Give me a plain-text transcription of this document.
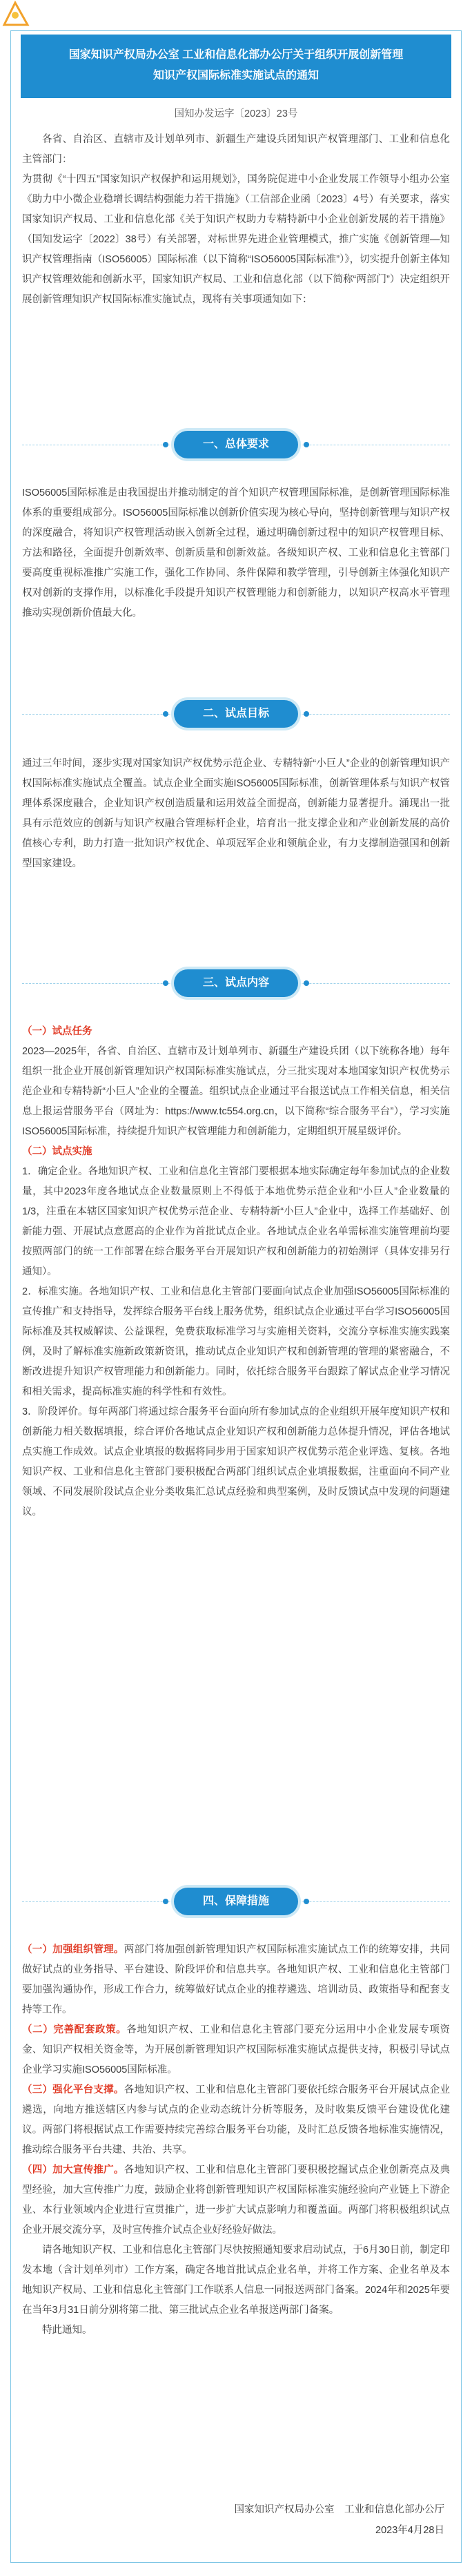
国家知识产权局办公室 工业和信息化部办公厅关于组织开展创新管理
知识产权国际标准实施试点的通知
国知办发运字〔2023〕23号

各省、自治区、直辖市及计划单列市、新疆生产建设兵团知识产权管理部门、工业和信息化主管部门：

为贯彻《“十四五”国家知识产权保护和运用规划》，国务院促进中小企业发展工作领导小组办公室《助力中小微企业稳增长调结构强能力若干措施》（工信部企业函〔2023〕4号）有关要求，落实国家知识产权局、工业和信息化部《关于知识产权助力专精特新中小企业创新发展的若干措施》（国知发运字〔2022〕38号）有关部署，对标世界先进企业管理模式，推广实施《创新管理—知识产权管理指南（ISO56005）国际标准（以下简称“ISO56005国际标准”）》，切实提升创新主体知识产权管理效能和创新水平，国家知识产权局、工业和信息化部（以下简称“两部门”）决定组织开展创新管理知识产权国际标准实施试点，现将有关事项通知如下：

一、总体要求

ISO56005国际标准是由我国提出并推动制定的首个知识产权管理国际标准，是创新管理国际标准体系的重要组成部分。ISO56005国际标准以创新价值实现为核心导向，坚持创新管理与知识产权的深度融合，将知识产权管理活动嵌入创新全过程，通过明确创新过程中的知识产权管理目标、方法和路径，全面提升创新效率、创新质量和创新效益。各级知识产权、工业和信息化主管部门要高度重视标准推广实施工作，强化工作协同、条件保障和教学管理，引导创新主体强化知识产权对创新的支撑作用，以标准化手段提升知识产权管理能力和创新能力，以知识产权高水平管理推动实现创新价值最大化。

二、试点目标

通过三年时间，逐步实现对国家知识产权优势示范企业、专精特新“小巨人”企业的创新管理知识产权国际标准实施试点全覆盖。试点企业全面实施ISO56005国际标准，创新管理体系与知识产权管理体系深度融合，企业知识产权创造质量和运用效益全面提高，创新能力显著提升。涌现出一批具有示范效应的创新与知识产权融合管理标杆企业，培育出一批支撑企业和产业创新发展的高价值核心专利，助力打造一批知识产权优企、单项冠军企业和领航企业，有力支撑制造强国和创新型国家建设。

三、试点内容

（一）试点任务

2023—2025年，各省、自治区、直辖市及计划单列市、新疆生产建设兵团（以下统称各地）每年组织一批企业开展创新管理知识产权国际标准实施试点，分三批实现对本地国家知识产权优势示范企业和专精特新“小巨人”企业的全覆盖。组织试点企业通过平台报送试点工作相关信息，相关信息上报运营服务平台（网址为：https://www.tc554.org.cn，以下简称“综合服务平台”），学习实施ISO56005国际标准，持续提升知识产权管理能力和创新能力，定期组织开展星级评价。

（二）试点实施

1．确定企业。各地知识产权、工业和信息化主管部门要根据本地实际确定每年参加试点的企业数量，其中2023年度各地试点企业数量原则上不得低于本地优势示范企业和“小巨人”企业数量的1/3，注重在本辖区国家知识产权优势示范企业、专精特新“小巨人”企业中，选择工作基础好、创新能力强、开展试点意愿高的企业作为首批试点企业。各地试点企业名单需标准实施管理前均要按照两部门的统一工作部署在综合服务平台开展知识产权和创新能力的初始测评（具体安排另行通知）。

2．标准实施。各地知识产权、工业和信息化主管部门要面向试点企业加强ISO56005国际标准的宣传推广和支持指导，发挥综合服务平台线上服务优势，组织试点企业通过平台学习ISO56005国际标准及其权威解读、公益课程，免费获取标准学习与实施相关资料，交流分享标准实施实践案例，及时了解标准实施新政策新资讯，推动试点企业知识产权和创新管理的管理的紧密融合，不断改进提升知识产权管理能力和创新能力。同时，依托综合服务平台跟踪了解试点企业学习情况和相关需求，提高标准实施的科学性和有效性。

3．阶段评价。每年两部门将通过综合服务平台面向所有参加试点的企业组织开展年度知识产权和创新能力相关数据填报，综合评价各地试点企业知识产权和创新能力总体提升情况，评估各地试点实施工作成效。试点企业填报的数据将同步用于国家知识产权优势示范企业评选、复核。各地知识产权、工业和信息化主管部门要积极配合两部门组织试点企业填报数据，注重面向不同产业领域、不同发展阶段试点企业分类收集汇总试点经验和典型案例，及时反馈试点中发现的问题建议。

四、保障措施

（一）加强组织管理。两部门将加强创新管理知识产权国际标准实施试点工作的统筹安排，共同做好试点的业务指导、平台建设、阶段评价和信息共享。各地知识产权、工业和信息化主管部门要加强沟通协作，形成工作合力，统筹做好试点企业的推荐遴选、培训动员、政策指导和配套支持等工作。

（二）完善配套政策。各地知识产权、工业和信息化主管部门要充分运用中小企业发展专项资金、知识产权相关资金等，为开展创新管理知识产权国际标准实施试点提供支持，积极引导试点企业学习实施ISO56005国际标准。

（三）强化平台支撑。各地知识产权、工业和信息化主管部门要依托综合服务平台开展试点企业遴选，向地方推送辖区内参与试点的企业动态统计分析等服务，及时收集反馈平台建设优化建议。两部门将根据试点工作需要持续完善综合服务平台功能，及时汇总反馈各地标准实施情况，推动综合服务平台共建、共治、共享。

（四）加大宣传推广。各地知识产权、工业和信息化主管部门要积极挖掘试点企业创新亮点及典型经验，加大宣传推广力度，鼓励企业将创新管理知识产权国际标准实施经验向产业链上下游企业、本行业领域内企业进行宣贯推广，进一步扩大试点影响力和覆盖面。两部门将积极组织试点企业开展交流分享，及时宣传推介试点企业好经验好做法。

请各地知识产权、工业和信息化主管部门尽快按照通知要求启动试点，于6月30日前，制定印发本地（含计划单列市）工作方案，确定各地首批试点企业名单，并将工作方案、企业名单及本地知识产权局、工业和信息化主管部门工作联系人信息一同报送两部门备案。2024年和2025年要在当年3月31日前分别将第二批、第三批试点企业名单报送两部门备案。

特此通知。

国家知识产权局办公室　工业和信息化部办公厅
2023年4月28日
